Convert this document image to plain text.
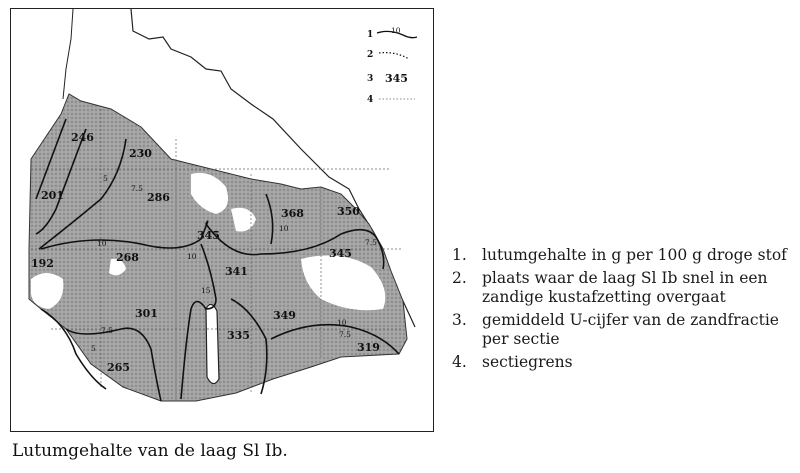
246
230
201	286
192	268
345
368	350
345
341
301	349
335
319
265
5
7.5
10
10
10
7.5
15
7.5
5
10
7.5
1 10
2
3 345
4
1. lutumgehalte in g per 100 g droge stof
2. plaats waar de laag Sl Ib snel in een zandige kustafzetting overgaat
3. gemiddeld U-cijfer van de zandfractie per sectie
4. sectiegrens
Lutumgehalte van de laag Sl Ib.
